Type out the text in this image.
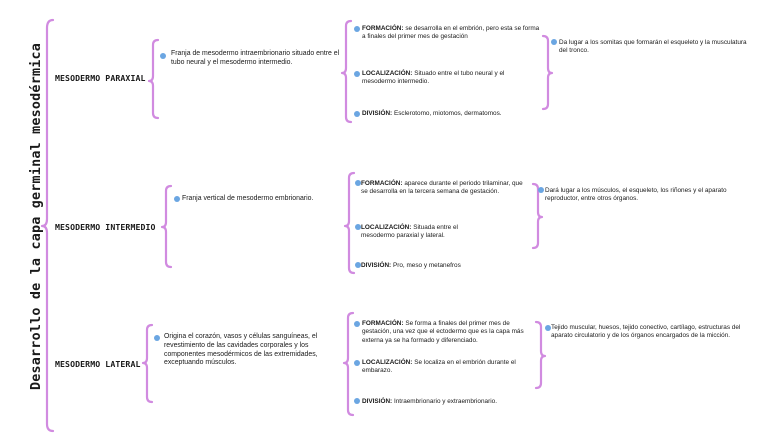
Desarrollo de la capa germinal mesodérmica	MESODERMO PARAXIAL
Franja de mesodermo intraembrionario situado entre el tubo neural y el mesodermo intermedio.
FORMACIÓN: se desarrolla en el embrión, pero esta se forma a finales del primer mes de gestación
LOCALIZACIÓN: Situado entre el tubo neural y el mesodermo intermedio.
DIVISIÓN: Esclerotomo, miotomos, dermatomos.
Da lugar a los somitas que formarán el esqueleto y la musculatura del tronco.
MESODERMO INTERMEDIO
Franja vertical de mesodermo embrionario.
FORMACIÓN: aparece durante el periodo trilaminar, que se desarrolla en la tercera semana de gestación.
LOCALIZACIÓN: Situada entre el mesodermo paraxial y lateral.
DIVISIÓN: Pro, meso y metanefros
Dará lugar a los músculos, el esqueleto, los riñones y el aparato reproductor, entre otros órganos.
MESODERMO LATERAL
Origina el corazón, vasos y células sanguíneas, el revestimiento de las cavidades corporales y los componentes mesodérmicos de las extremidades, exceptuando músculos.
FORMACIÓN: Se forma a finales del primer mes de gestación, una vez que el ectodermo que es la capa más externa ya se ha formado y diferenciado.
LOCALIZACIÓN: Se localiza en el embrión durante el embarazo.
DIVISIÓN: Intraembrionario y extraembrionario.
Tejido muscular, huesos, tejido conectivo, cartílago, estructuras del aparato circulatorio y de los órganos encargados de la micción.
